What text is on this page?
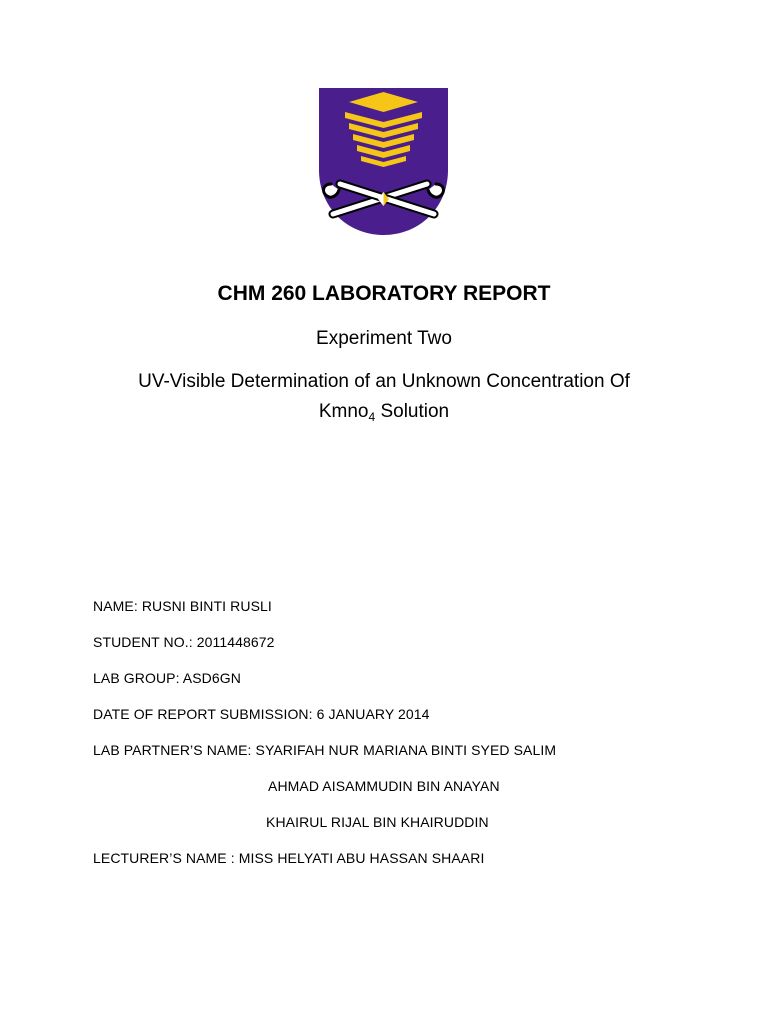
CHM 260 LABORATORY REPORT
Experiment Two
UV-Visible Determination of an Unknown Concentration Of
Kmno$_4$ Solution
NAME: RUSNI BINTI RUSLI
STUDENT NO.: 2011448672
LAB GROUP: ASD6GN
DATE OF REPORT SUBMISSION: 6 JANUARY 2014
LAB PARTNER’S NAME: SYARIFAH NUR MARIANA BINTI SYED SALIM
AHMAD AISAMMUDIN BIN ANAYAN
KHAIRUL RIJAL BIN KHAIRUDDIN
LECTURER’S NAME : MISS HELYATI ABU HASSAN SHAARI
